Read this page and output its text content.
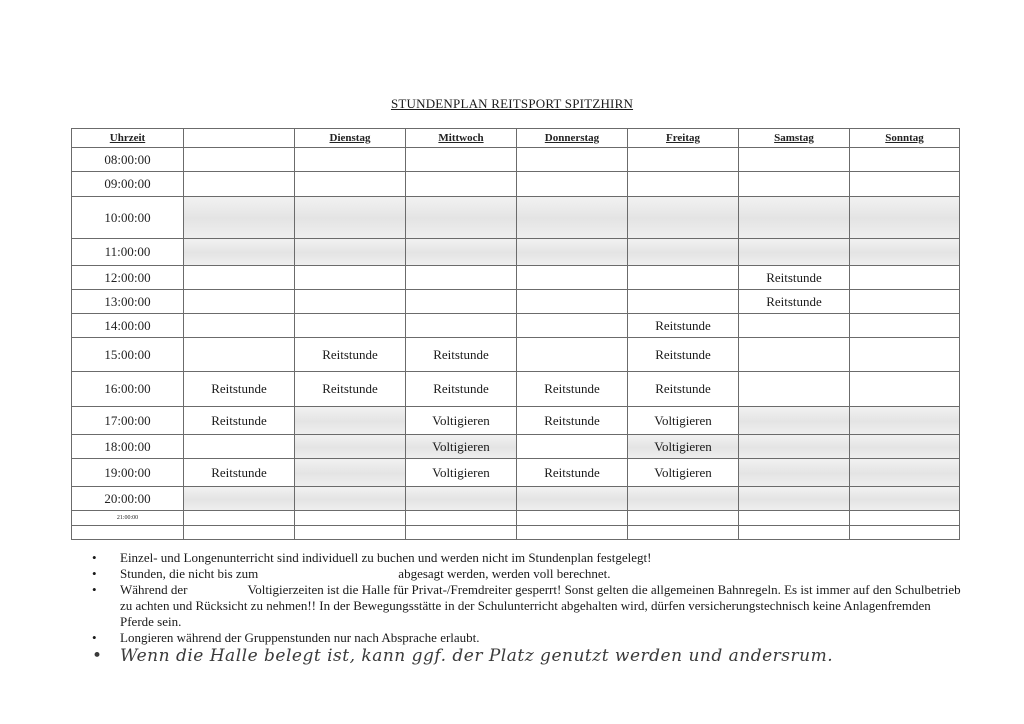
STUNDENPLAN REITSPORT SPITZHIRN
Uhrzeit		Dienstag	Mittwoch	Donnerstag	Freitag	Samstag	Sonntag
08:00:00							
09:00:00							
10:00:00							
11:00:00							
12:00:00						Reitstunde	
13:00:00						Reitstunde	
14:00:00					Reitstunde		
15:00:00		Reitstunde	Reitstunde		Reitstunde		
16:00:00	Reitstunde	Reitstunde	Reitstunde	Reitstunde	Reitstunde		
17:00:00	Reitstunde		Voltigieren	Reitstunde	Voltigieren		
18:00:00			Voltigieren		Voltigieren		
19:00:00	Reitstunde		Voltigieren	Reitstunde	Voltigieren		
20:00:00							
21:00:00							

• Einzel- und Longenunterricht sind individuell zu buchen und werden nicht im Stundenplan festgelegt!
• Stunden, die nicht bis zum	abgesagt werden, werden voll berechnet.
• Während der	Voltigierzeiten ist die Halle für Privat-/Fremdreiter gesperrt! Sonst gelten die allgemeinen Bahnregeln. Es ist immer auf den Schulbetrieb zu achten und Rücksicht zu nehmen!! In der Bewegungsstätte in der Schulunterricht abgehalten wird, dürfen versicherungstechnisch keine Anlagenfremden Pferde sein.
• Longieren während der Gruppenstunden nur nach Absprache erlaubt.
• Wenn die Halle belegt ist, kann ggf. der Platz genutzt werden und andersrum.
